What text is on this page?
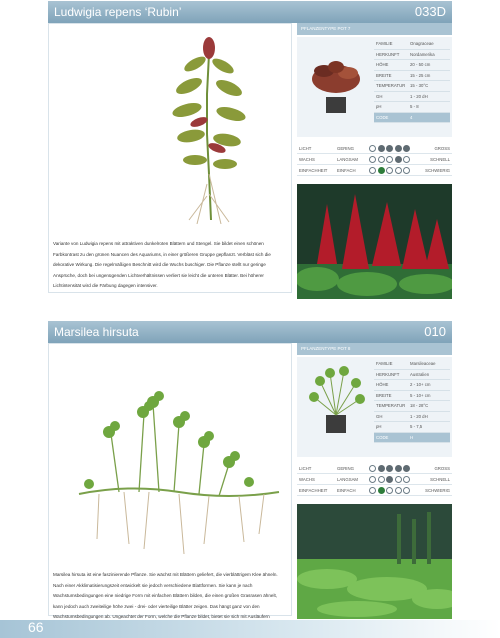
Ludwigia repens ‘Rubin’	033D
Variante von Ludwigia repens mit attraktiven dunkelroten Blättern und Stengel. Sie bildet einen schönen Farbkontrast zu den grünen Nuancen des Aquariums, in einer größeren Gruppe gepflanzt. Verbläst sich die dekorative Wirkung. Die regelmäßigen Beschnitt wird die Wuchs buschiger. Die Pflanze stellt nur geringe Ansprüche, doch bei ungenügenden Lichtverhältnissen verliert sie leicht die unteren Blätter. Bei höherer Lichtintensität wird die Färbung dagegen intensiver.
PFLANZENTYPE POT 7
FAMILIE	Onagraceae
HERKUNFT	Nordamerika
HÖHE	20 - 50 cm
BREITE	15 - 25 cm
TEMPERATUR	15 - 30°C
GH	1 - 20 dH
pH	5 - 8
CODE	4
LICHT	GERING	GROSS
WACHS	LANGSAM	SCHNELL
EINFACHHEIT	EINFACH	SCHWIERIG
Marsilea hirsuta	010
Marsilea hirsuta ist eine faszinierende Pflanze. Sie wächst mit Blättern geliefert, die vierblättrigem Klee ähneln. Nach einer Akklimatisierungszeit entwickelt sie jedoch verschiedene Blattformen. Sie kann je nach Wachstumsbedingungen eine niedrige Form mit einfachen Blättern bilden, die einen großen Grasrasen ähnelt, kann jedoch auch zweiteilige höhe zwei - drei- oder vierteilige Blätter zeigen. Das hängt ganz von den Wachstumsbedingungen ab. Ungeachtet der Form, welche die Pflanze bildet, bietet sie sich mit Ausläufern
PFLANZENTYPE POT 8
FAMILIE	Marsileaceae
HERKUNFT	Australien
HÖHE	2 - 10+ cm
BREITE	5 - 10+ cm
TEMPERATUR	18 - 28°C
GH	1 - 20 dH
pH	5 - 7,5
CODE	H
LICHT	GERING	GROSS
WACHS	LANGSAM	SCHNELL
EINFACHHEIT	EINFACH	SCHWIERIG
66
